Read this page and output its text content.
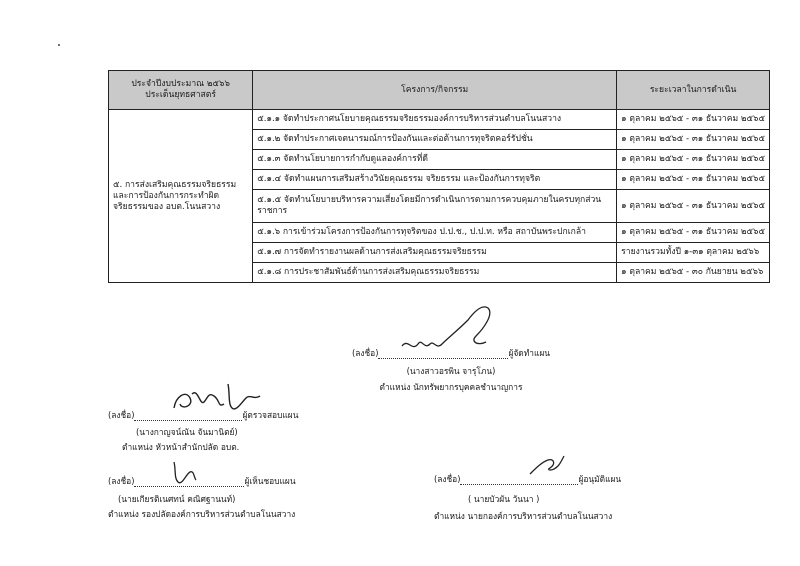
ประจำปีงบประมาณ ๒๕๖๖
ประเด็นยุทธศาสตร์	โครงการ/กิจกรรม	ระยะเวลาในการดำเนิน

๕. การส่งเสริมคุณธรรมจริยธรรม
และการป้องกันการกระทำผิด
จริยธรรมของ อบต.โนนสวาง	๕.๑.๑ จัดทำประกาศนโยบายคุณธรรมจริยธรรมองค์การบริหารส่วนตำบลโนนสวาง	๑ ตุลาคม ๒๕๖๕ - ๓๑ ธันวาคม ๒๕๖๕
	๕.๑.๒ จัดทำประกาศเจตนารมณ์การป้องกันและต่อต้านการทุจริตคอร์รัปชั่น	๑ ตุลาคม ๒๕๖๕ - ๓๑ ธันวาคม ๒๕๖๕
	๕.๑.๓ จัดทำนโยบายการกำกับดูแลองค์การที่ดี	๑ ตุลาคม ๒๕๖๕ - ๓๑ ธันวาคม ๒๕๖๕
	๕.๑.๔ จัดทำแผนการเสริมสร้างวินัยคุณธรรม จริยธรรม และป้องกันการทุจริต	๑ ตุลาคม ๒๕๖๕ - ๓๑ ธันวาคม ๒๕๖๕
	๕.๑.๕ จัดทำนโยบายบริหารความเสี่ยงโดยมีการดำเนินการตามการควบคุมภายในครบทุกส่วนราชการ	๑ ตุลาคม ๒๕๖๕ - ๓๑ ธันวาคม ๒๕๖๕
	๕.๑.๖ การเข้าร่วมโครงการป้องกันการทุจริตของ ป.ป.ช., ป.ป.ท. หรือ สถาบันพระปกเกล้า	๑ ตุลาคม ๒๕๖๕ - ๓๑ ธันวาคม ๒๕๖๕
	๕.๑.๗ การจัดทำรายงานผลด้านการส่งเสริมคุณธรรมจริยธรรม	รายงานรวมทั้งปี ๑-๓๑ ตุลาคม ๒๕๖๖
	๕.๑.๘ การประชาสัมพันธ์ด้านการส่งเสริมคุณธรรมจริยธรรม	๑ ตุลาคม ๒๕๖๕ - ๓๐ กันยายน ๒๕๖๖
(ลงชื่อ)	ผู้จัดทำแผน
(นางสาวอรพิน จารุโภน)
ตำแหน่ง นักทรัพยากรบุคคลชำนาญการ
(ลงชื่อ)	ผู้ตรวจสอบแผน
(นางกาญจน์ณัน จันมานิตย์)
ตำแหน่ง หัวหน้าสำนักปลัด อบต.
(ลงชื่อ)	ผู้เห็นชอบแผน
(นายเกียรติเนศทน์ คณิศฐานนท์)
ตำแหน่ง รองปลัดองค์การบริหารส่วนตำบลโนนสวาง
(ลงชื่อ)	ผู้อนุมัติแผน
( นายบัวผัน วันนา )
ตำแหน่ง นายกองค์การบริหารส่วนตำบลโนนสวาง
